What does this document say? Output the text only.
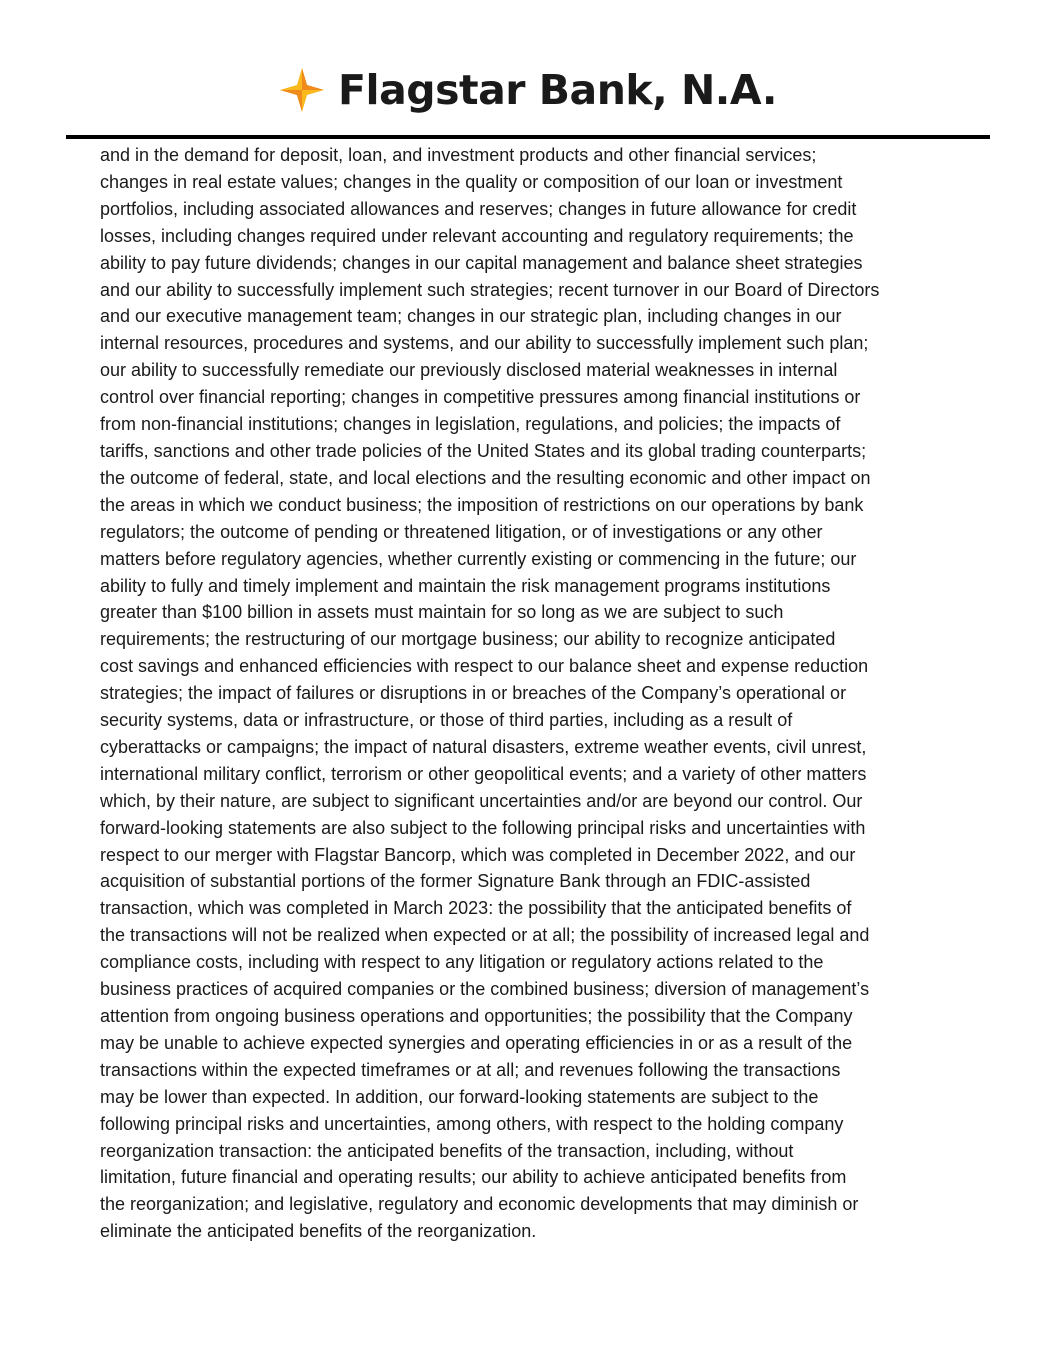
Flagstar Bank, N.A.
and in the demand for deposit, loan, and investment products and other financial services;
changes in real estate values; changes in the quality or composition of our loan or investment
portfolios, including associated allowances and reserves; changes in future allowance for credit
losses, including changes required under relevant accounting and regulatory requirements; the
ability to pay future dividends; changes in our capital management and balance sheet strategies
and our ability to successfully implement such strategies; recent turnover in our Board of Directors
and our executive management team; changes in our strategic plan, including changes in our
internal resources, procedures and systems, and our ability to successfully implement such plan;
our ability to successfully remediate our previously disclosed material weaknesses in internal
control over financial reporting; changes in competitive pressures among financial institutions or
from non-financial institutions; changes in legislation, regulations, and policies; the impacts of
tariffs, sanctions and other trade policies of the United States and its global trading counterparts;
the outcome of federal, state, and local elections and the resulting economic and other impact on
the areas in which we conduct business; the imposition of restrictions on our operations by bank
regulators; the outcome of pending or threatened litigation, or of investigations or any other
matters before regulatory agencies, whether currently existing or commencing in the future; our
ability to fully and timely implement and maintain the risk management programs institutions
greater than $100 billion in assets must maintain for so long as we are subject to such
requirements; the restructuring of our mortgage business; our ability to recognize anticipated
cost savings and enhanced efficiencies with respect to our balance sheet and expense reduction
strategies; the impact of failures or disruptions in or breaches of the Company’s operational or
security systems, data or infrastructure, or those of third parties, including as a result of
cyberattacks or campaigns; the impact of natural disasters, extreme weather events, civil unrest,
international military conflict, terrorism or other geopolitical events; and a variety of other matters
which, by their nature, are subject to significant uncertainties and/or are beyond our control. Our
forward-looking statements are also subject to the following principal risks and uncertainties with
respect to our merger with Flagstar Bancorp, which was completed in December 2022, and our
acquisition of substantial portions of the former Signature Bank through an FDIC-assisted
transaction, which was completed in March 2023: the possibility that the anticipated benefits of
the transactions will not be realized when expected or at all; the possibility of increased legal and
compliance costs, including with respect to any litigation or regulatory actions related to the
business practices of acquired companies or the combined business; diversion of management’s
attention from ongoing business operations and opportunities; the possibility that the Company
may be unable to achieve expected synergies and operating efficiencies in or as a result of the
transactions within the expected timeframes or at all; and revenues following the transactions
may be lower than expected. In addition, our forward-looking statements are subject to the
following principal risks and uncertainties, among others, with respect to the holding company
reorganization transaction: the anticipated benefits of the transaction, including, without
limitation, future financial and operating results; our ability to achieve anticipated benefits from
the reorganization; and legislative, regulatory and economic developments that may diminish or
eliminate the anticipated benefits of the reorganization.
